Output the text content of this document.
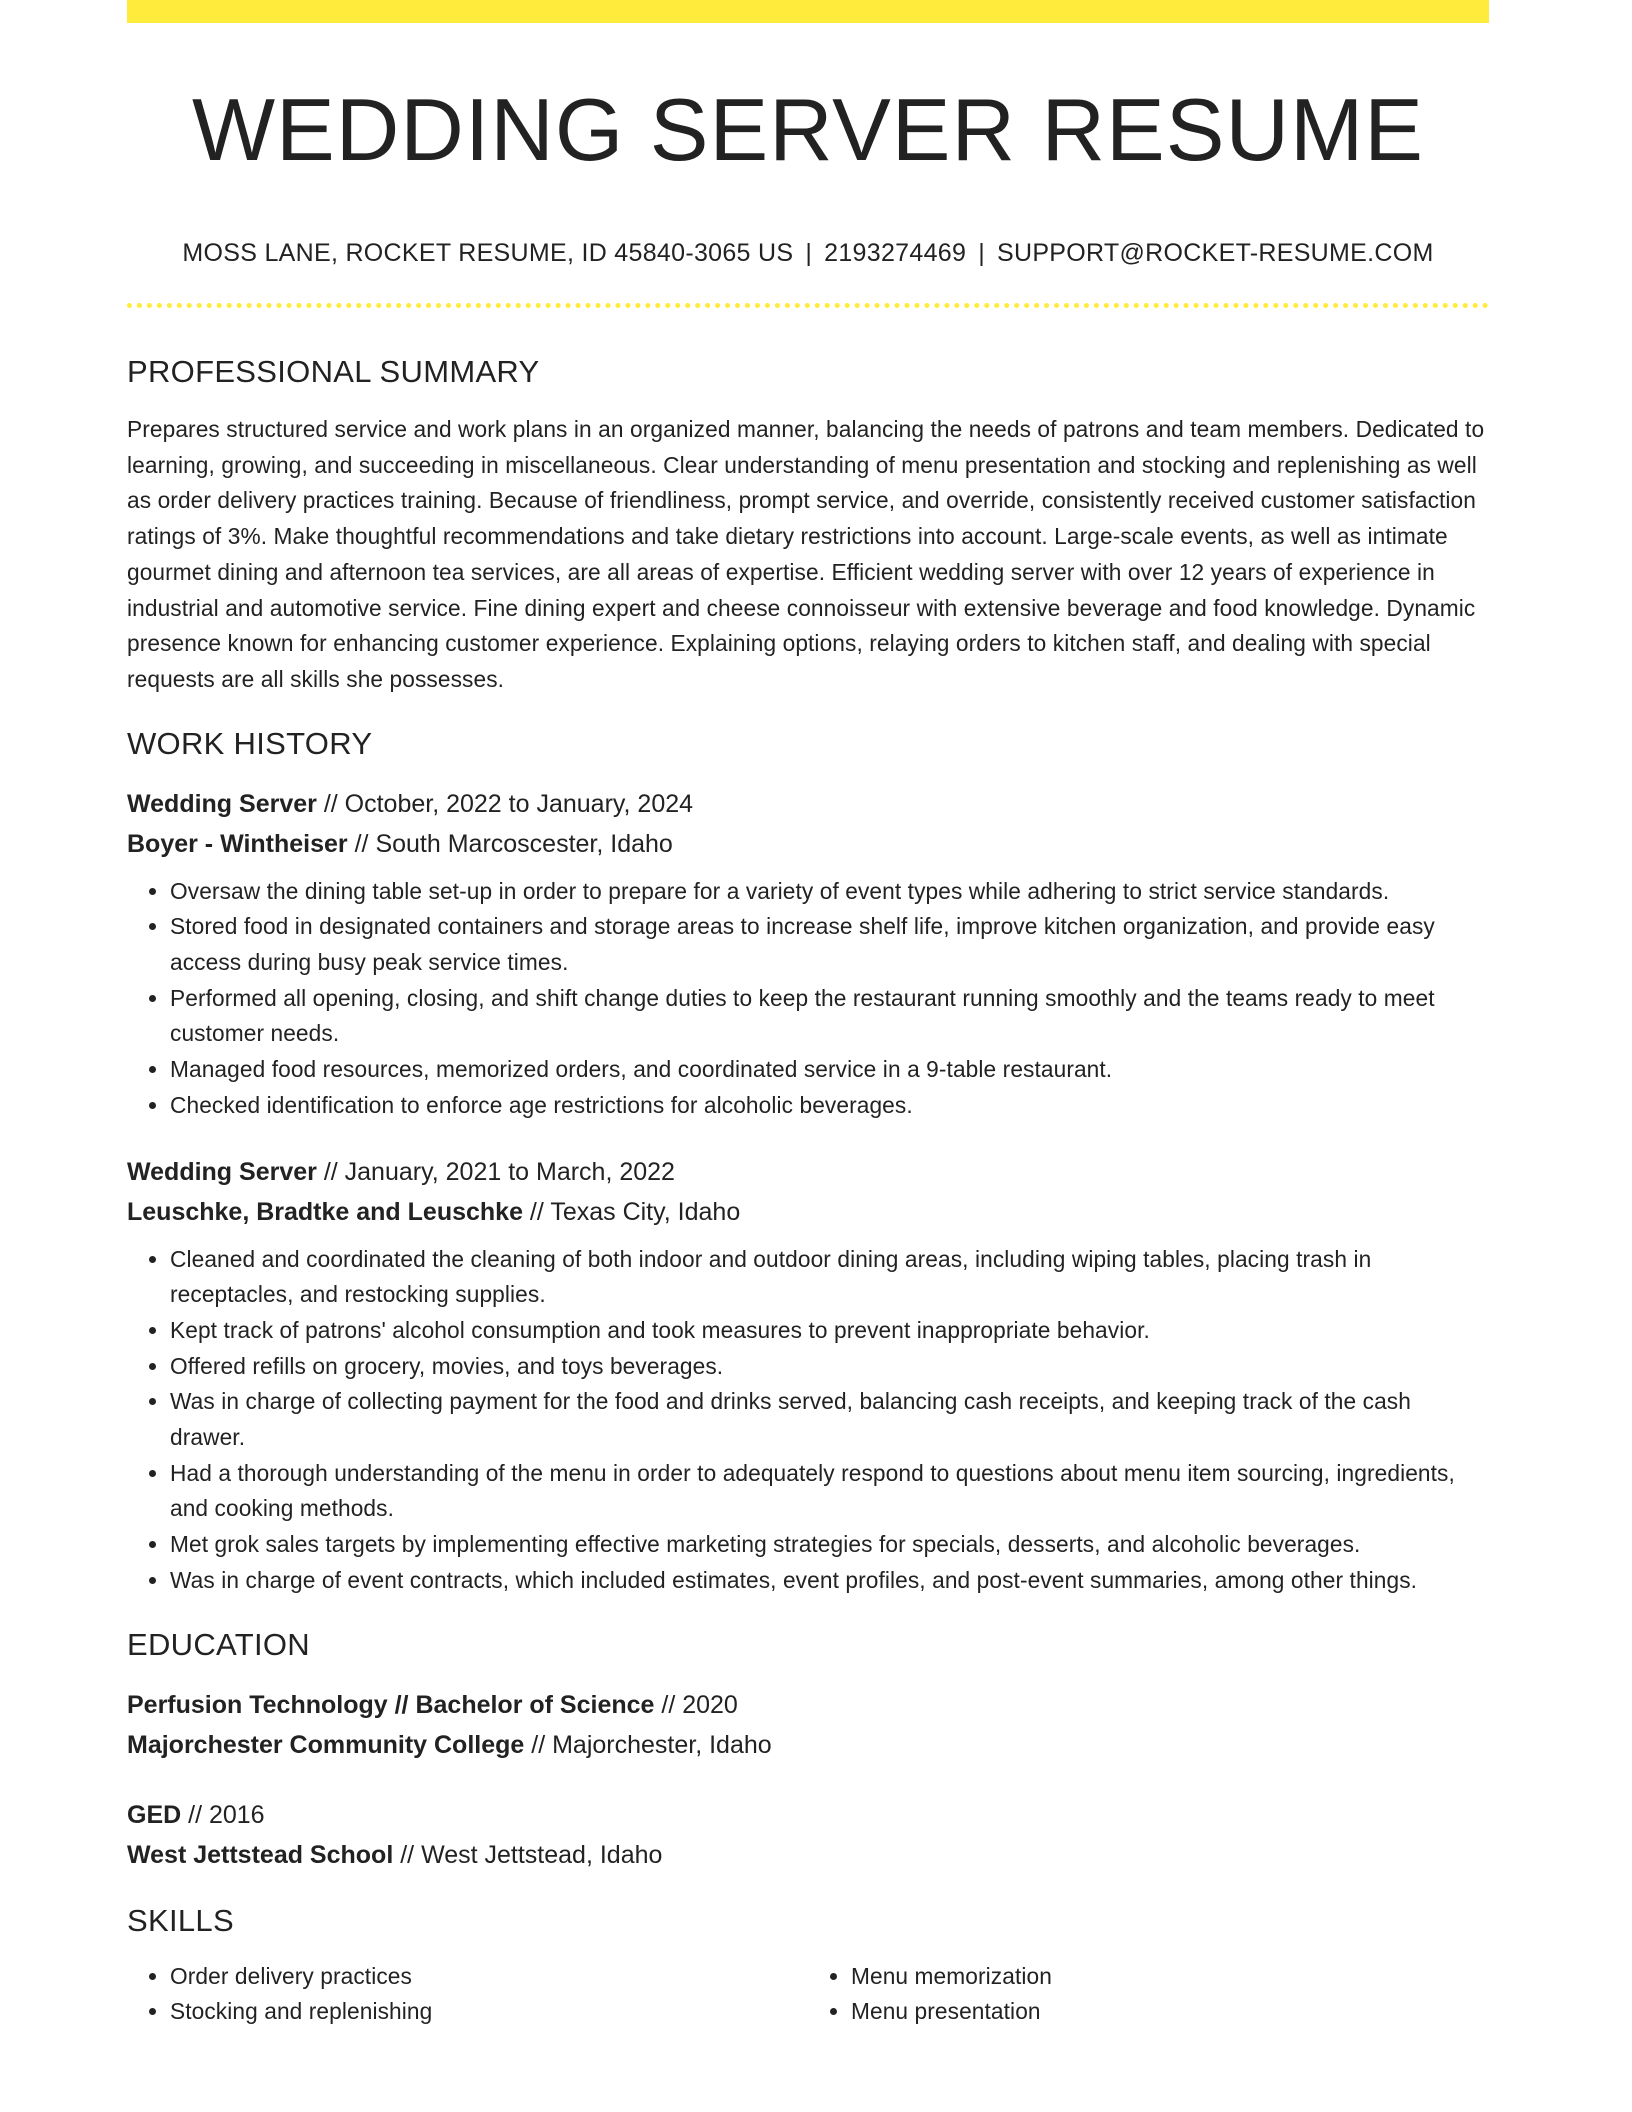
WEDDING SERVER RESUME
MOSS LANE, ROCKET RESUME, ID 45840-3065 US | 2193274469 | SUPPORT@ROCKET-RESUME.COM
PROFESSIONAL SUMMARY

Prepares structured service and work plans in an organized manner, balancing the needs of patrons and team members. Dedicated to learning, growing, and succeeding in miscellaneous. Clear understanding of menu presentation and stocking and replenishing as well as order delivery practices training. Because of friendliness, prompt service, and override, consistently received customer satisfaction ratings of 3%. Make thoughtful recommendations and take dietary restrictions into account. Large-scale events, as well as intimate gourmet dining and afternoon tea services, are all areas of expertise. Efficient wedding server with over 12 years of experience in industrial and automotive service. Fine dining expert and cheese connoisseur with extensive beverage and food knowledge. Dynamic presence known for enhancing customer experience. Explaining options, relaying orders to kitchen staff, and dealing with special requests are all skills she possesses.

WORK HISTORY
Wedding Server // October, 2022 to January, 2024
Boyer - Wintheiser // South Marcoscester, Idaho
• Oversaw the dining table set-up in order to prepare for a variety of event types while adhering to strict service standards.
• Stored food in designated containers and storage areas to increase shelf life, improve kitchen organization, and provide easy access during busy peak service times.
• Performed all opening, closing, and shift change duties to keep the restaurant running smoothly and the teams ready to meet customer needs.
• Managed food resources, memorized orders, and coordinated service in a 9-table restaurant.
• Checked identification to enforce age restrictions for alcoholic beverages.
Wedding Server // January, 2021 to March, 2022
Leuschke, Bradtke and Leuschke // Texas City, Idaho
• Cleaned and coordinated the cleaning of both indoor and outdoor dining areas, including wiping tables, placing trash in receptacles, and restocking supplies.
• Kept track of patrons' alcohol consumption and took measures to prevent inappropriate behavior.
• Offered refills on grocery, movies, and toys beverages.
• Was in charge of collecting payment for the food and drinks served, balancing cash receipts, and keeping track of the cash drawer.
• Had a thorough understanding of the menu in order to adequately respond to questions about menu item sourcing, ingredients, and cooking methods.
• Met grok sales targets by implementing effective marketing strategies for specials, desserts, and alcoholic beverages.
• Was in charge of event contracts, which included estimates, event profiles, and post-event summaries, among other things.
EDUCATION
Perfusion Technology // Bachelor of Science // 2020
Majorchester Community College // Majorchester, Idaho
GED // 2016
West Jettstead School // West Jettstead, Idaho
SKILLS
• Order delivery practices
• Stocking and replenishing
• Menu memorization
• Menu presentation
